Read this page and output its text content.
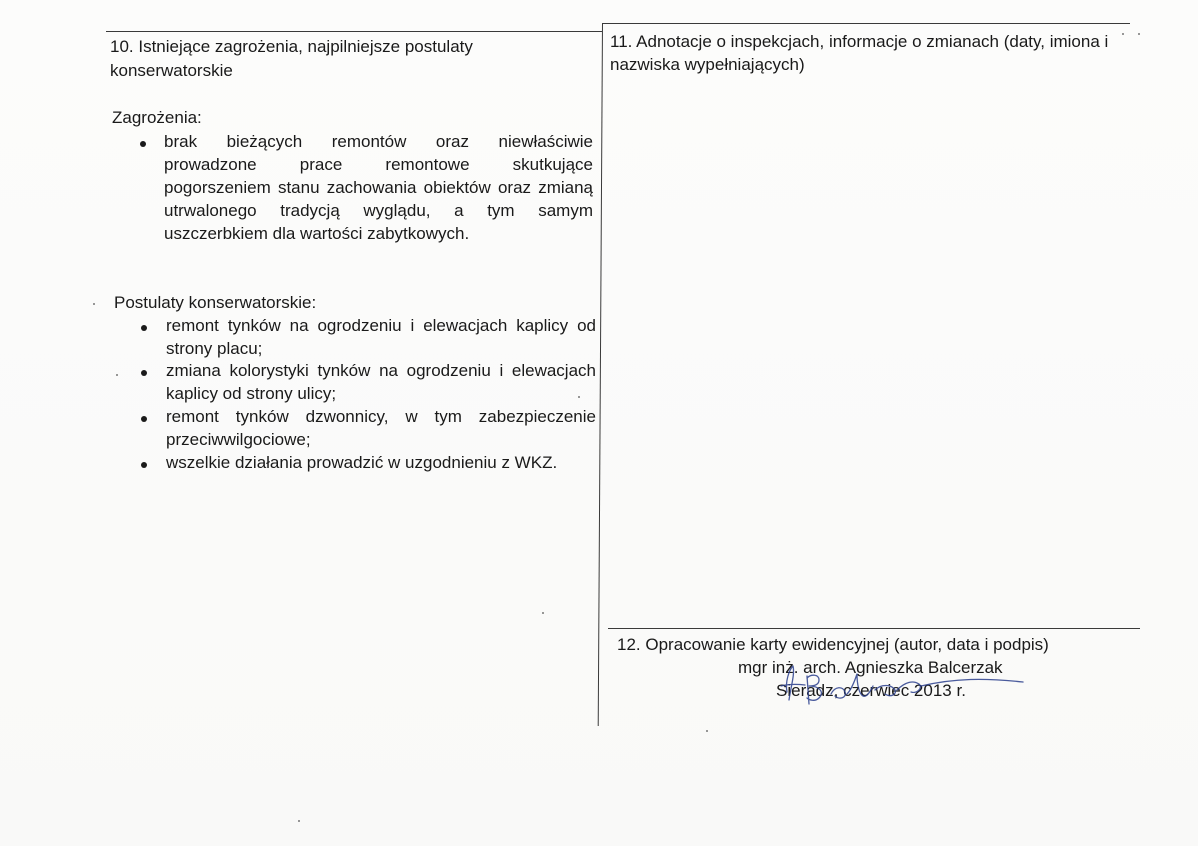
10. Istniejące zagrożenia, najpilniejsze postulaty
konserwatorskie
Zagrożenia:
brak bieżących remontów oraz niewłaściwie
prowadzone prace remontowe skutkujące
pogorszeniem stanu zachowania obiektów oraz zmianą
utrwalonego tradycją wyglądu, a tym samym
uszczerbkiem dla wartości zabytkowych.
Postulaty konserwatorskie:
remont tynków na ogrodzeniu i elewacjach kaplicy od
strony placu;
zmiana kolorystyki tynków na ogrodzeniu i elewacjach
kaplicy od strony ulicy;
remont tynków dzwonnicy, w tym zabezpieczenie
przeciwwilgociowe;
wszelkie działania prowadzić w uzgodnieniu z WKZ.
11. Adnotacje o inspekcjach, informacje o zmianach (daty, imiona i
nazwiska wypełniających)
12. Opracowanie karty ewidencyjnej (autor, data i podpis)
mgr inż. arch. Agnieszka Balcerzak
Sieradz, czerwiec 2013 r.
